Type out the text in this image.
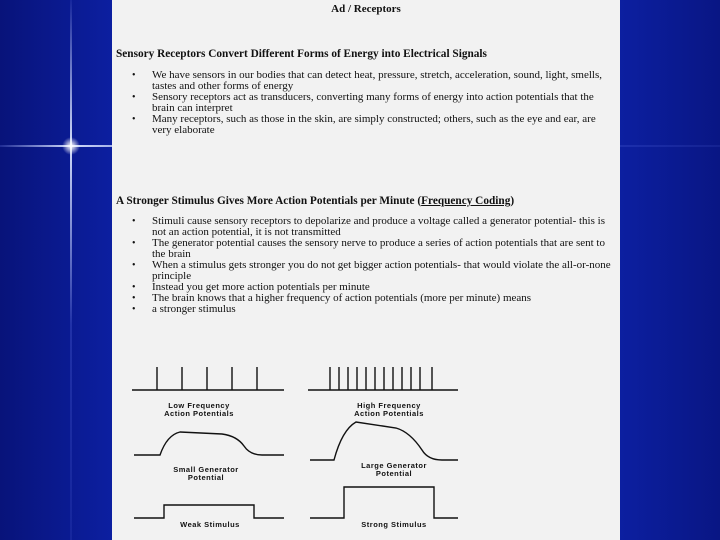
Ad / Receptors
Sensory Receptors Convert Different Forms of Energy into Electrical Signals
• We have sensors in our bodies that can detect heat, pressure, stretch, acceleration, sound, light, smells, tastes and other forms of energy
• Sensory receptors act as transducers, converting many forms of energy into action potentials that the brain can interpret
• Many receptors, such as those in the skin, are simply constructed; others, such as the eye and ear, are very elaborate
A Stronger Stimulus Gives More Action Potentials per Minute (Frequency Coding)
• Stimuli cause sensory receptors to depolarize and produce a voltage called a generator potential- this is not an action potential, it is not transmitted
• The generator potential causes the sensory nerve to produce a series of action potentials that are sent to the brain
• When a stimulus gets stronger you do not get bigger action potentials- that would violate the all-or-none principle
• Instead you get more action potentials per minute
• The brain knows that a higher frequency of action potentials (more per minute) means
• a stronger stimulus
Low Frequency Action Potentials
High Frequency Action Potentials
Small Generator Potential
Large Generator Potential
Weak Stimulus	Strong Stimulus
